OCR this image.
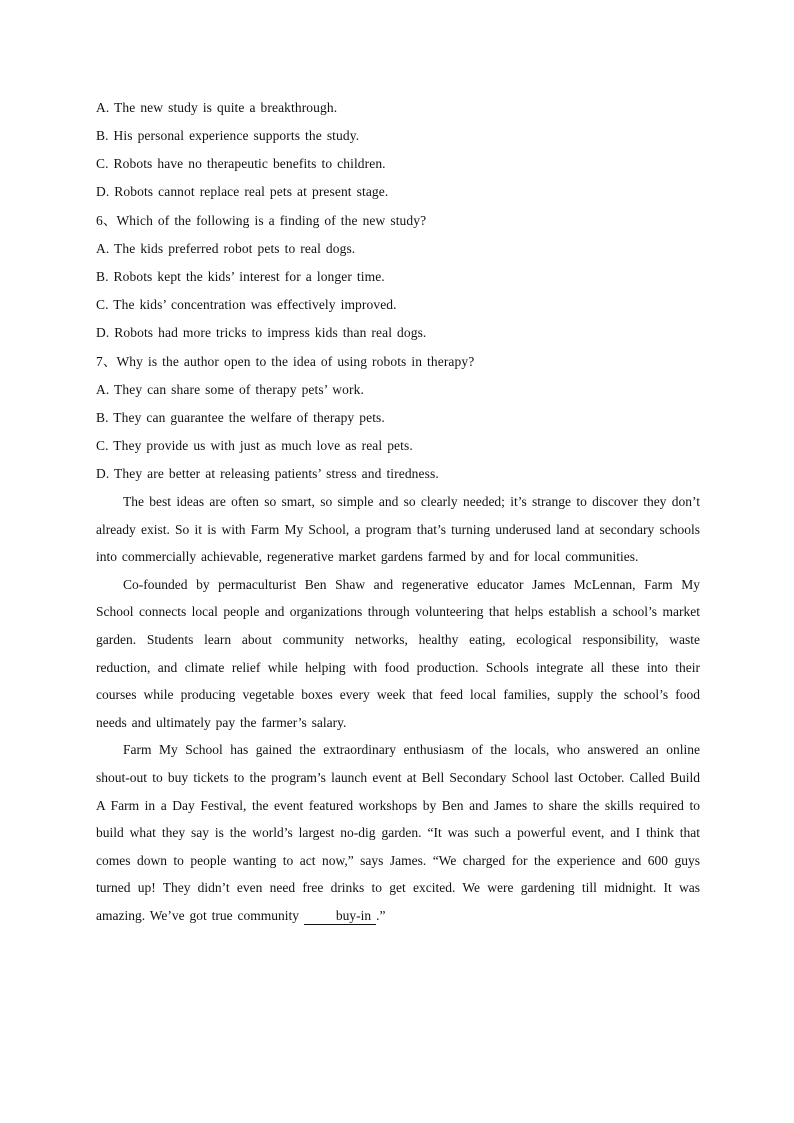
A. The new study is quite a breakthrough.
B. His personal experience supports the study.
C. Robots have no therapeutic benefits to children.
D. Robots cannot replace real pets at present stage.
6、Which of the following is a finding of the new study?
A. The kids preferred robot pets to real dogs.
B. Robots kept the kids’ interest for a longer time.
C. The kids’ concentration was effectively improved.
D. Robots had more tricks to impress kids than real dogs.
7、Why is the author open to the idea of using robots in therapy?
A. They can share some of therapy pets’ work.
B. They can guarantee the welfare of therapy pets.
C. They provide us with just as much love as real pets.
D. They are better at releasing patients’ stress and tiredness.

The best ideas are often so smart, so simple and so clearly needed; it’s strange to discover they don’t already exist. So it is with Farm My School, a program that’s turning underused land at secondary schools into commercially achievable, regenerative market gardens farmed by and for local communities.

Co-founded by permaculturist Ben Shaw and regenerative educator James McLennan, Farm My School connects local people and organizations through volunteering that helps establish a school’s market garden. Students learn about community networks, healthy eating, ecological responsibility, waste reduction, and climate relief while helping with food production. Schools integrate all these into their courses while producing vegetable boxes every week that feed local families, supply the school’s food needs and ultimately pay the farmer’s salary.

Farm My School has gained the extraordinary enthusiasm of the locals, who answered an online shout-out to buy tickets to the program’s launch event at Bell Secondary School last October. Called Build A Farm in a Day Festival, the event featured workshops by Ben and James to share the skills required to build what they say is the world’s largest no-dig garden. “It was such a powerful event, and I think that comes down to people wanting to act now,” says James. “We charged for the experience and 600 guys turned up! They didn’t even need free drinks to get excited. We were gardening till midnight. It was amazing. We’ve got true community	buy-in .”
